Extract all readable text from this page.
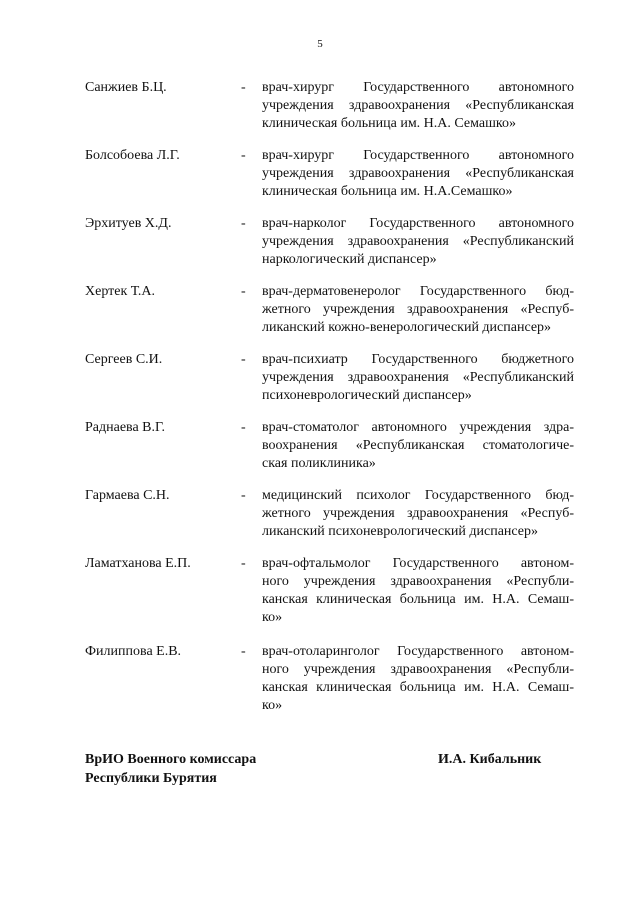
5
Санжиев Б.Ц.	- врач-хирург Государственного автономного
учреждения здравоохранения «Республиканская
клиническая больница им. Н.А. Семашко»
Болсобоева Л.Г.	- врач-хирург Государственного автономного
учреждения здравоохранения «Республиканская
клиническая больница им. Н.А.Семашко»
Эрхитуев Х.Д.	- врач-нарколог Государственного автономного
учреждения здравоохранения «Республиканский
наркологический диспансер»
Хертек Т.А.	- врач-дерматовенеролог Государственного бюд-
жетного учреждения здравоохранения «Респуб-
ликанский кожно-венерологический диспансер»
Сергеев С.И.	- врач-психиатр Государственного бюджетного
учреждения здравоохранения «Республиканский
психоневрологический диспансер»
Раднаева В.Г.	- врач-стоматолог автономного учреждения здра-
воохранения «Республиканская стоматологиче-
ская поликлиника»
Гармаева С.Н.	- медицинский психолог Государственного бюд-
жетного учреждения здравоохранения «Респуб-
ликанский психоневрологический диспансер»
Ламатханова Е.П.	- врач-офтальмолог Государственного автоном-
ного учреждения здравоохранения «Республи-
канская клиническая больница им. Н.А. Семаш-
ко»
Филиппова Е.В.	- врач-отоларинголог Государственного автоном-
ного учреждения здравоохранения «Республи-
канская клиническая больница им. Н.А. Семаш-
ко»
ВрИО Военного комиссара
Республики Бурятия
И.А. Кибальник
